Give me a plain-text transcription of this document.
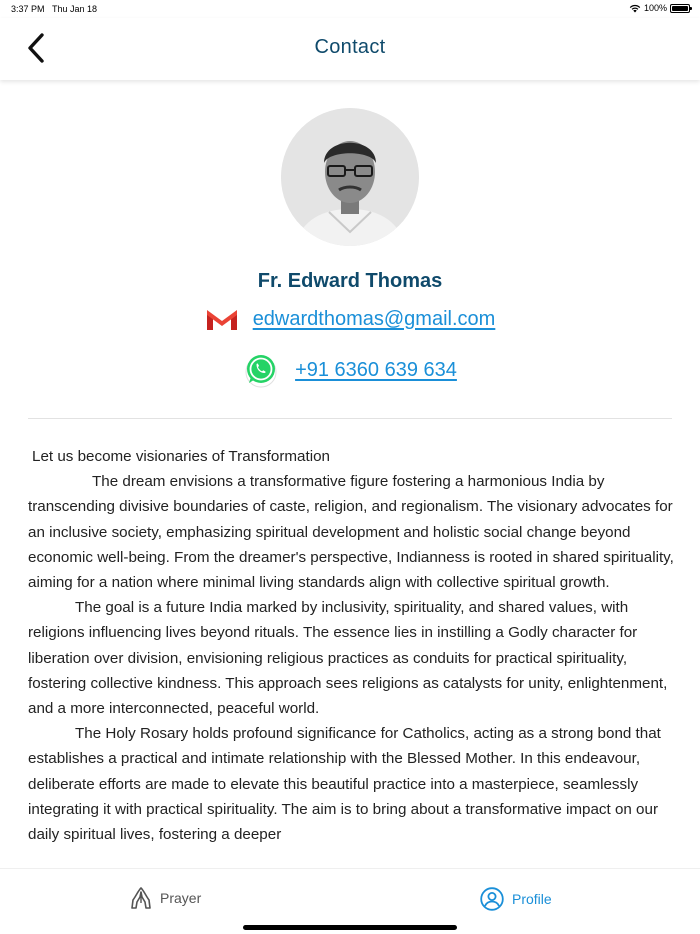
3:37 PM Thu Jan 18	100%
Contact
Fr. Edward Thomas
edwardthomas@gmail.com
+91 6360 639 634

Let us become visionaries of Transformation

The dream envisions a transformative figure fostering a harmonious India by transcending divisive boundaries of caste, religion, and regionalism. The visionary advocates for an inclusive society, emphasizing spiritual development and holistic social change beyond economic well-being. From the dreamer's perspective, Indianness is rooted in shared spirituality, aiming for a nation where minimal living standards align with collective spiritual growth.

The goal is a future India marked by inclusivity, spirituality, and shared values, with religions influencing lives beyond rituals. The essence lies in instilling a Godly character for liberation over division, envisioning religious practices as conduits for practical spirituality, fostering collective kindness. This approach sees religions as catalysts for unity, enlightenment, and a more interconnected, peaceful world.

The Holy Rosary holds profound significance for Catholics, acting as a strong bond that establishes a practical and intimate relationship with the Blessed Mother. In this endeavour, deliberate efforts are made to elevate this beautiful practice into a masterpiece, seamlessly integrating it with practical spirituality. The aim is to bring about a transformative impact on our daily spiritual lives, fostering a deeper

Prayer	Profile
